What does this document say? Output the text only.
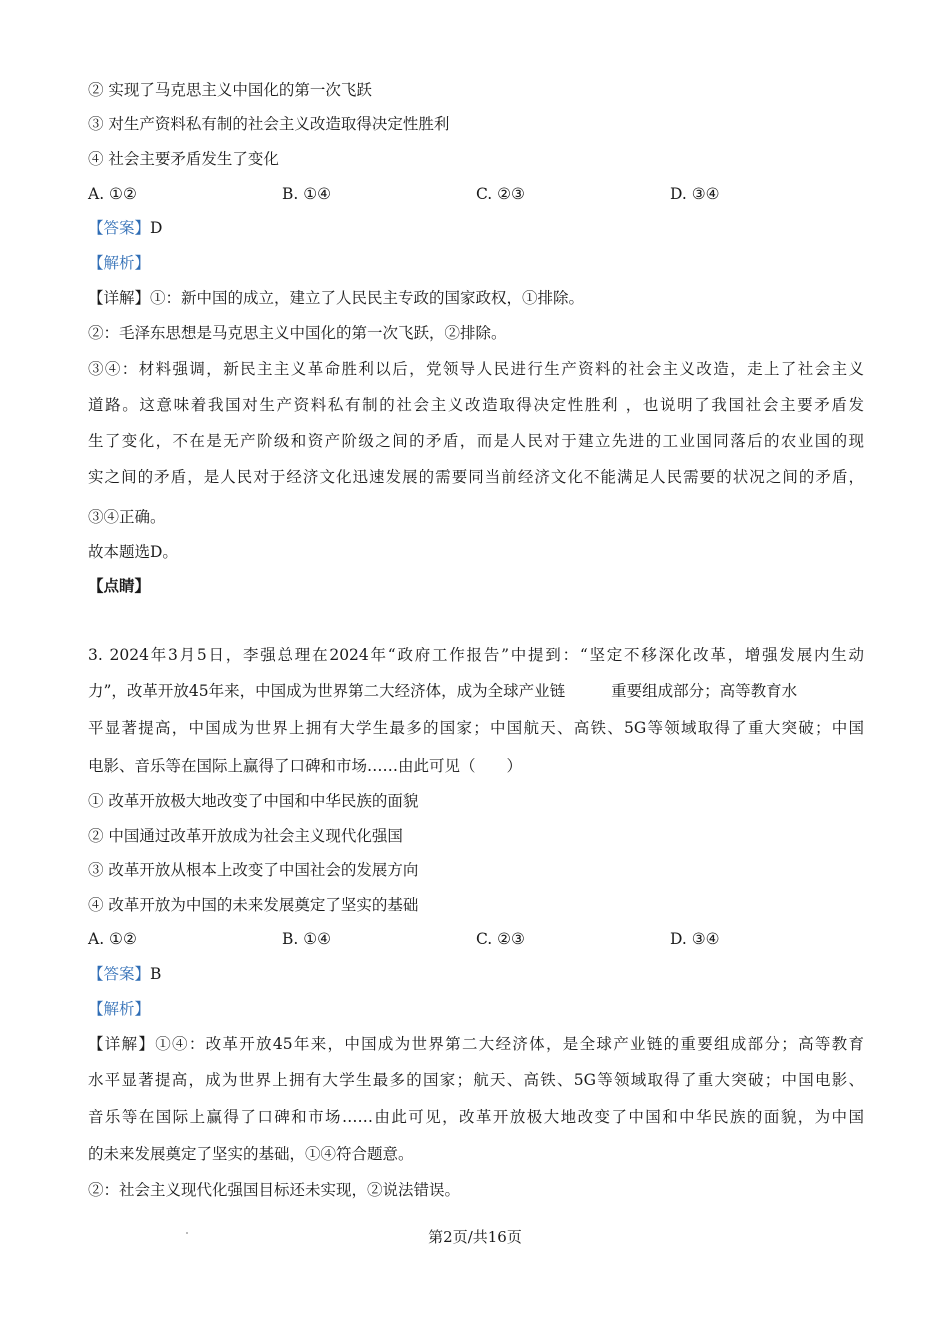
② 实现了马克思主义中国化的第一次飞跃
③ 对生产资料私有制的社会主义改造取得决定性胜利
④ 社会主要矛盾发生了变化
A. ①②	B. ①④	C. ②③	D. ③④
【答案】D
【解析】
【详解】①：新中国的成立，建立了人民民主专政的国家政权，①排除。
②：毛泽东思想是马克思主义中国化的第一次飞跃，②排除。
③④：材料强调，新民主主义革命胜利以后，党领导人民进行生产资料的社会主义改造，走上了社会主义
道路。这意味着我国对生产资料私有制的社会主义改造取得决定性胜利 ，也说明了我国社会主要矛盾发
生了变化，不在是无产阶级和资产阶级之间的矛盾，而是人民对于建立先进的工业国同落后的农业国的现
实之间的矛盾，是人民对于经济文化迅速发展的需要同当前经济文化不能满足人民需要的状况之间的矛盾，
③④正确。
故本题选D。
【点睛】
3. 2024年3月5日，李强总理在2024年“政府工作报告”中提到：“坚定不移深化改革，增强发展内生动
力”，改革开放45年来，中国成为世界第二大经济体，成为全球产业链	重要组成部分；高等教育水
平显著提高，中国成为世界上拥有大学生最多的国家；中国航天、高铁、5G等领域取得了重大突破；中国
电影、音乐等在国际上赢得了口碑和市场……由此可见（　　）
① 改革开放极大地改变了中国和中华民族的面貌
② 中国通过改革开放成为社会主义现代化强国
③ 改革开放从根本上改变了中国社会的发展方向
④ 改革开放为中国的未来发展奠定了坚实的基础
A. ①②	B. ①④	C. ②③	D. ③④
【答案】B
【解析】
【详解】①④：改革开放45年来，中国成为世界第二大经济体，是全球产业链的重要组成部分；高等教育
水平显著提高，成为世界上拥有大学生最多的国家；航天、高铁、5G等领域取得了重大突破；中国电影、
音乐等在国际上赢得了口碑和市场……由此可见，改革开放极大地改变了中国和中华民族的面貌，为中国
的未来发展奠定了坚实的基础，①④符合题意。
②：社会主义现代化强国目标还未实现，②说法错误。
第2页/共16页
